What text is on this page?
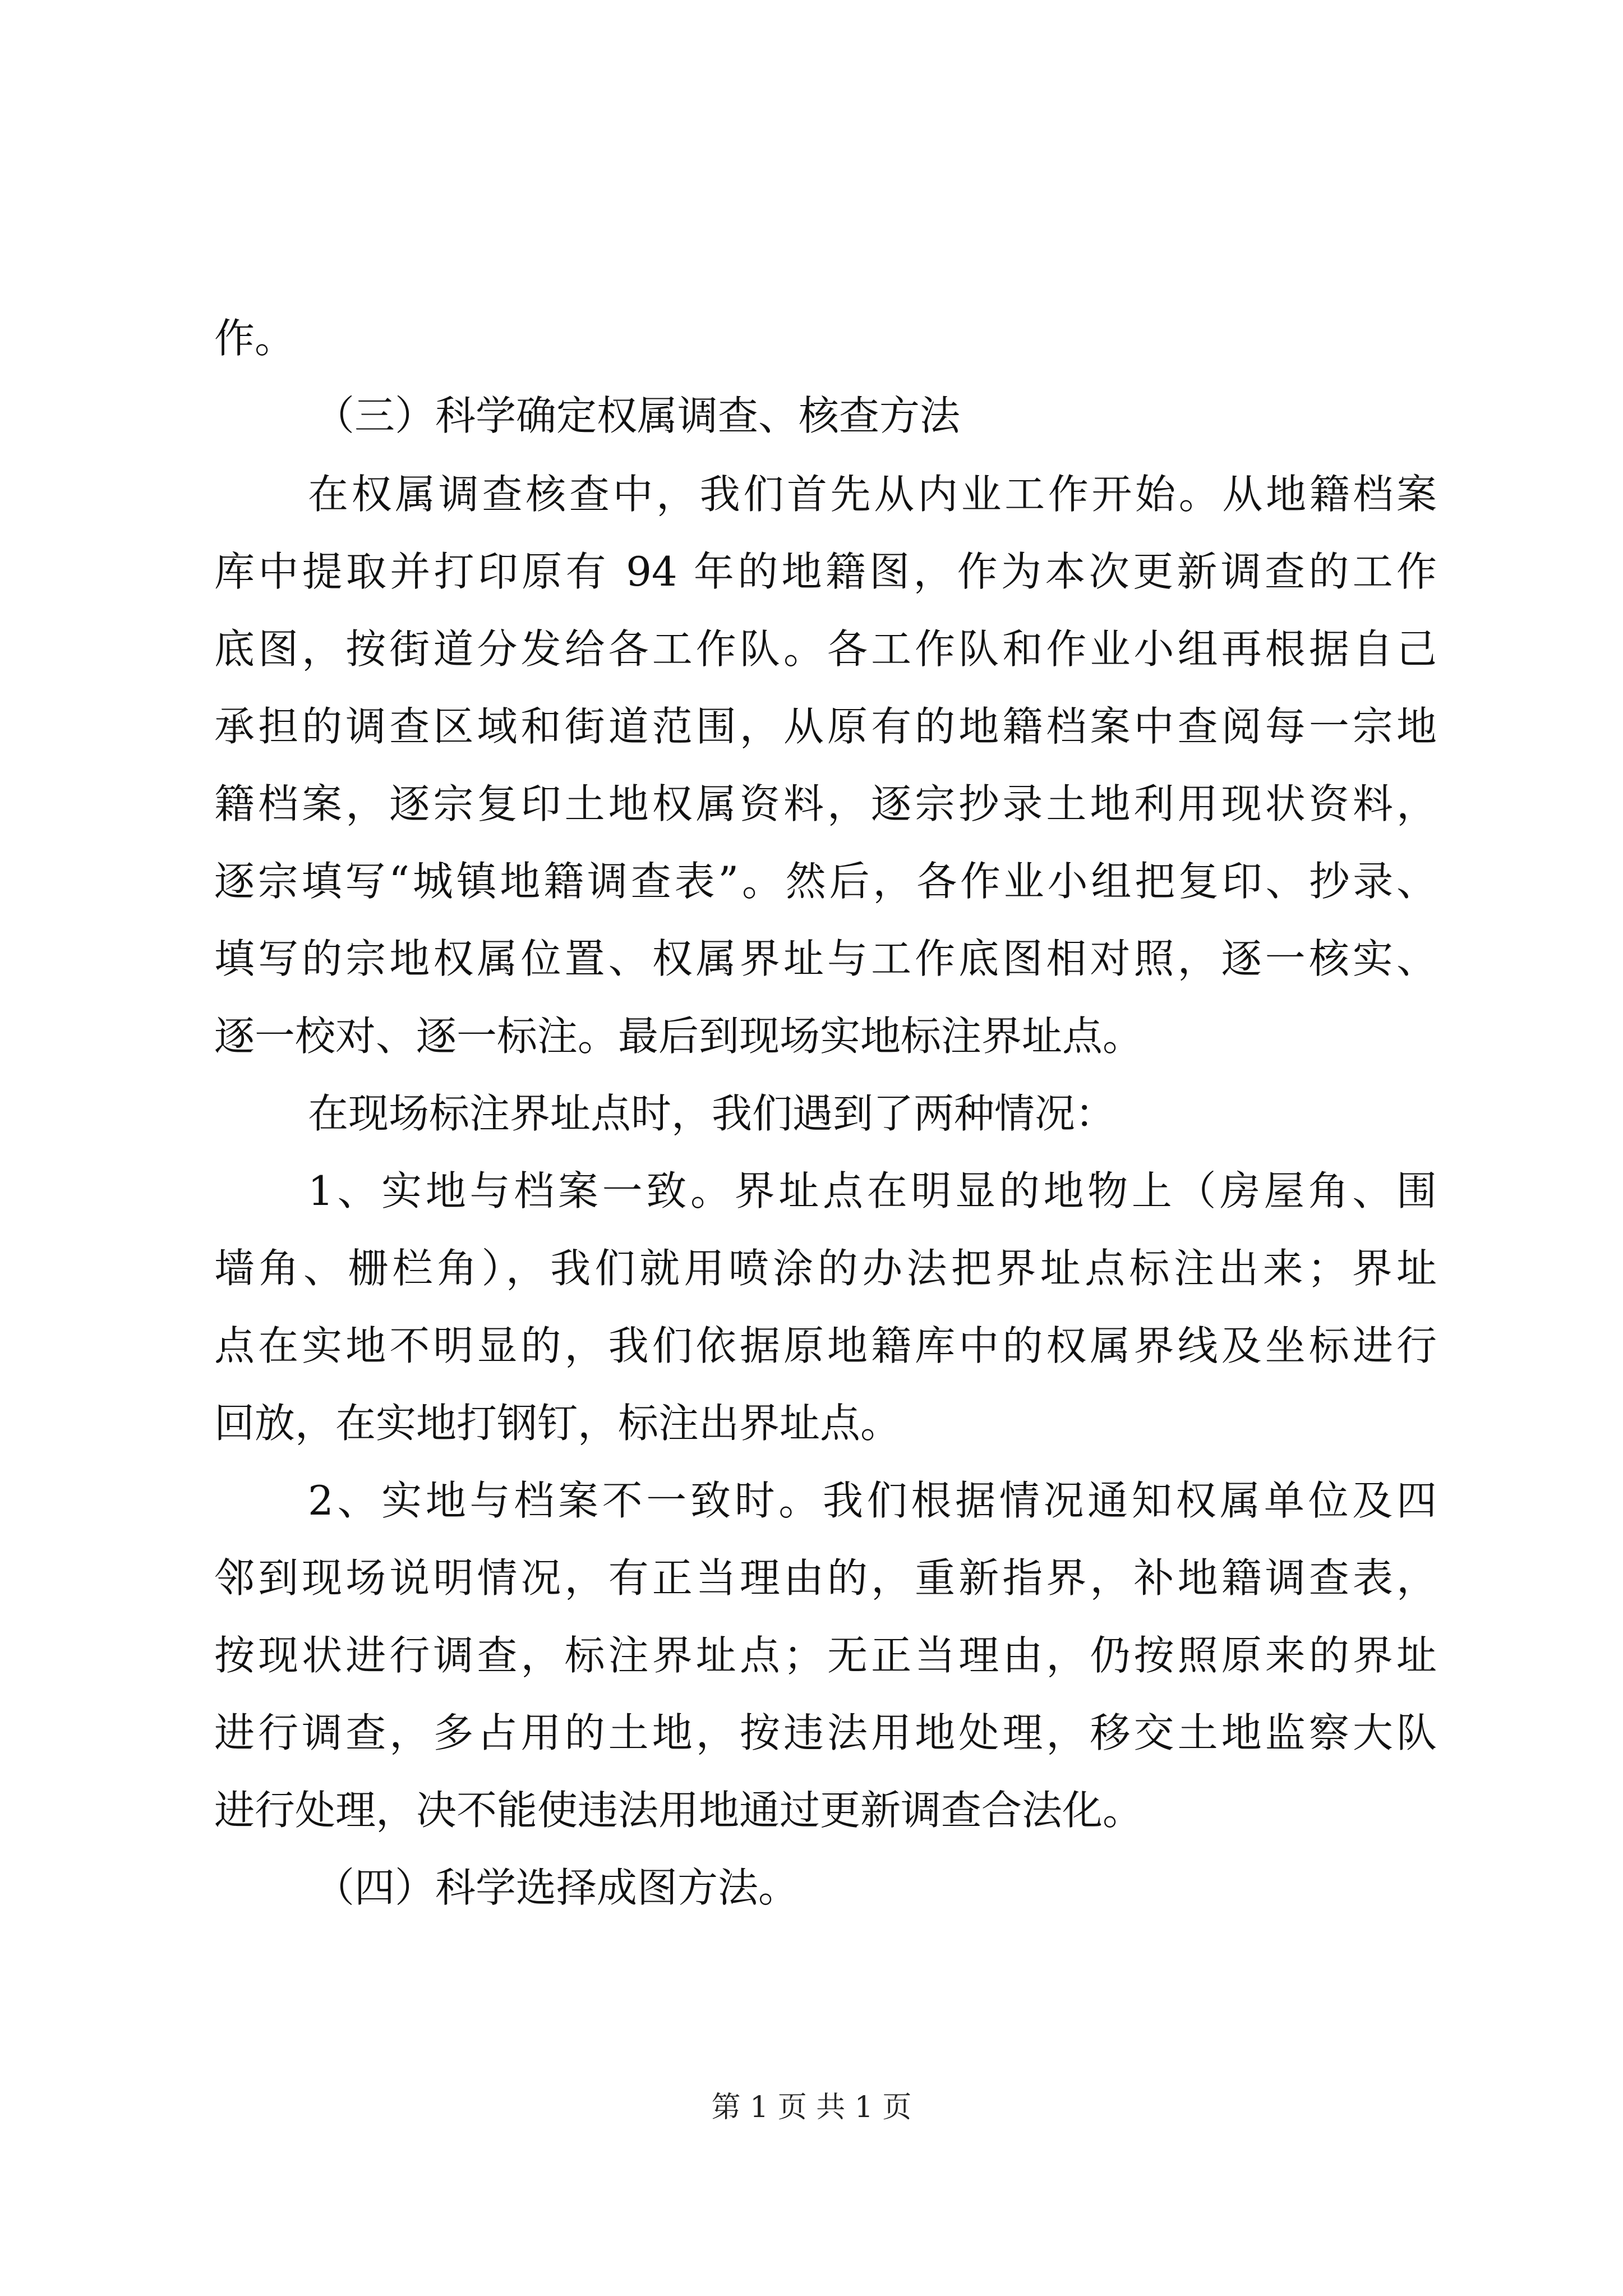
作。
（三）科学确定权属调查、核查方法
在权属调查核查中，我们首先从内业工作开始。从地籍档案
库中提取并打印原有 94 年的地籍图，作为本次更新调查的工作
底图，按街道分发给各工作队。各工作队和作业小组再根据自己
承担的调查区域和街道范围，从原有的地籍档案中查阅每一宗地
籍档案，逐宗复印土地权属资料，逐宗抄录土地利用现状资料，
逐宗填写“城镇地籍调查表”。然后，各作业小组把复印、抄录、
填写的宗地权属位置、权属界址与工作底图相对照，逐一核实、
逐一校对、逐一标注。最后到现场实地标注界址点。
在现场标注界址点时，我们遇到了两种情况：
1、实地与档案一致。界址点在明显的地物上（房屋角、围
墙角、栅栏角），我们就用喷涂的办法把界址点标注出来；界址
点在实地不明显的，我们依据原地籍库中的权属界线及坐标进行
回放，在实地打钢钉，标注出界址点。
2、实地与档案不一致时。我们根据情况通知权属单位及四
邻到现场说明情况，有正当理由的，重新指界，补地籍调查表，
按现状进行调查，标注界址点；无正当理由，仍按照原来的界址
进行调查，多占用的土地，按违法用地处理，移交土地监察大队
进行处理，决不能使违法用地通过更新调查合法化。
（四）科学选择成图方法。
第 1 页 共 1 页
